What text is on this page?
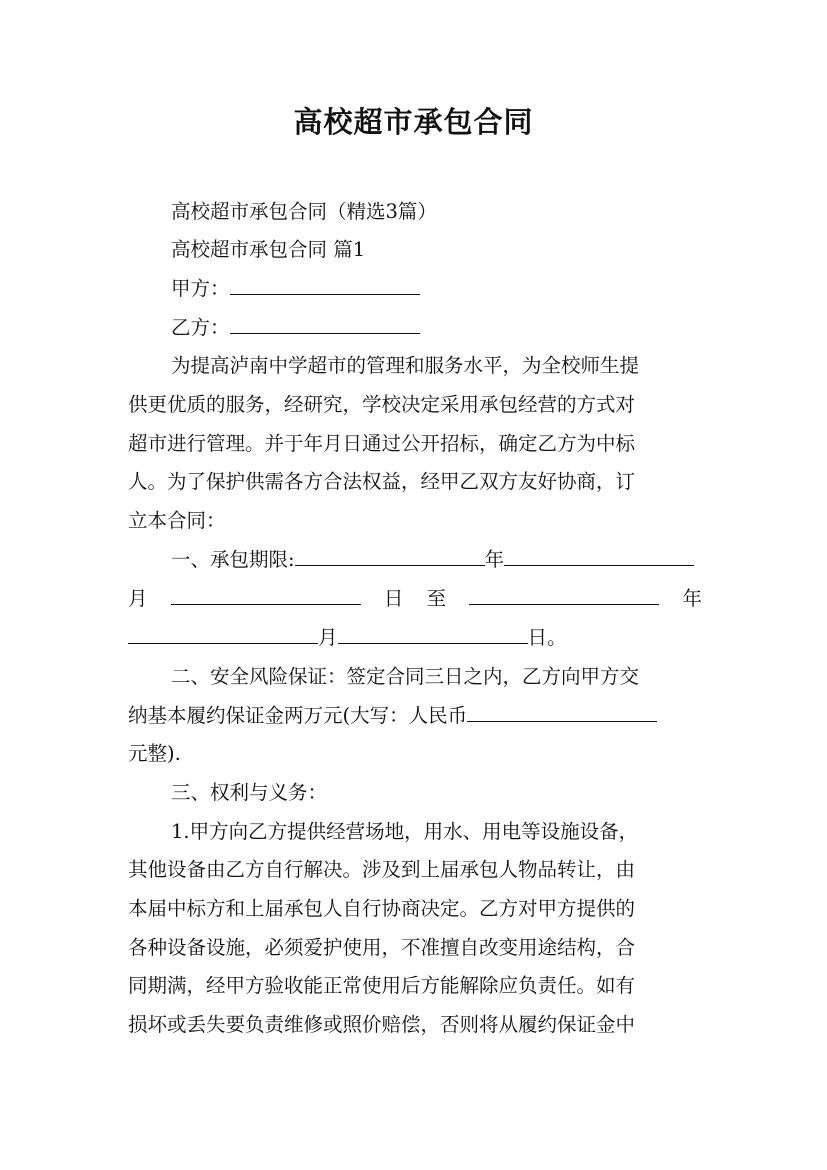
高校超市承包合同
高校超市承包合同（精选3篇）
高校超市承包合同 篇1
甲方：
乙方：
为提高泸南中学超市的管理和服务水平，为全校师生提
供更优质的服务，经研究，学校决定采用承包经营的方式对
超市进行管理。并于年月日通过公开招标，确定乙方为中标
人。为了保护供需各方合法权益，经甲乙双方友好协商，订
立本合同：
一、承包期限:	年
月	日 至	年
月	日。
二、安全风险保证：签定合同三日之内，乙方向甲方交
纳基本履约保证金两万元(大写：人民币
元整).
三、权利与义务：
1.甲方向乙方提供经营场地，用水、用电等设施设备，
其他设备由乙方自行解决。涉及到上届承包人物品转让，由
本届中标方和上届承包人自行协商决定。乙方对甲方提供的
各种设备设施，必须爱护使用，不准擅自改变用途结构，合
同期满，经甲方验收能正常使用后方能解除应负责任。如有
损坏或丢失要负责维修或照价赔偿，否则将从履约保证金中
